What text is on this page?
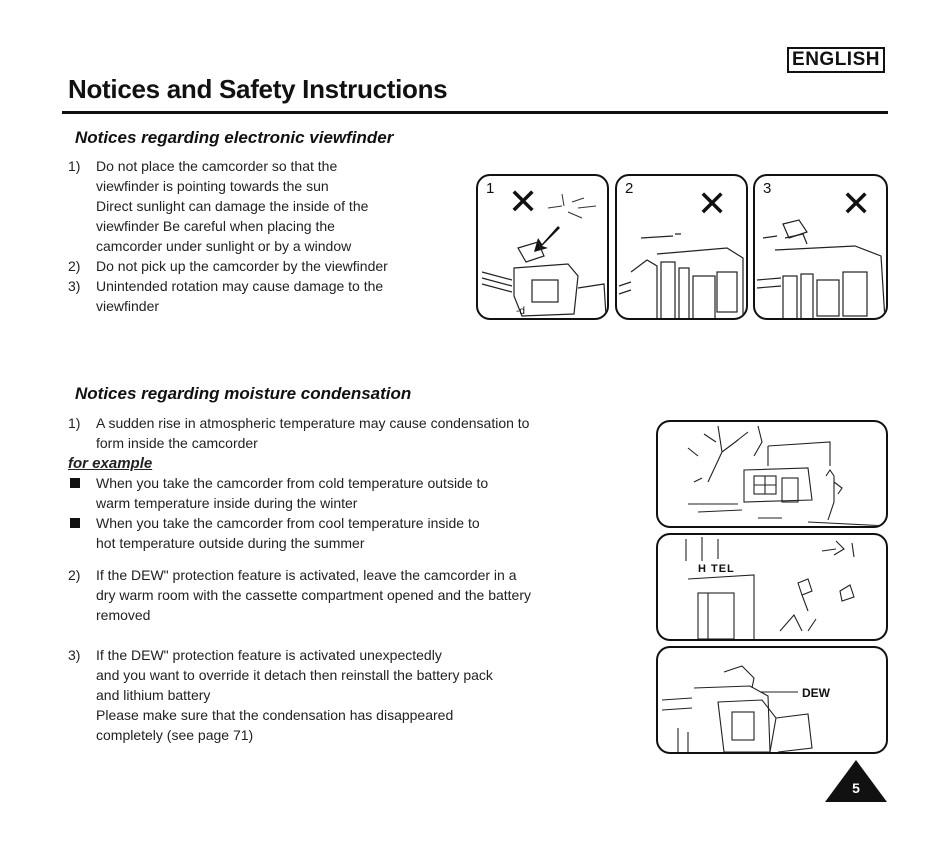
ENGLISH
Notices and Safety Instructions
Notices regarding electronic viewfinder
1)	Do not place the camcorder so that the
viewfinder is pointing towards the sun
Direct sunlight can damage the inside of the
viewfinder Be careful when placing the
camcorder under sunlight or by a window
2)	Do not pick up the camcorder by the viewfinder
3)	Unintended rotation may cause damage to the
viewfinder
1 ✕
-d
2 ✕ 3 ✕
Notices regarding moisture condensation
1)	A sudden rise in atmospheric temperature may cause condensation to
form inside the camcorder
for example
When you take the camcorder from cold temperature outside to
warm temperature inside during the winter
When you take the camcorder from cool temperature inside to
hot temperature outside during the summer
2)	If the DEW" protection feature is activated, leave the camcorder in a
dry warm room with the cassette compartment opened and the battery
removed
3)	If the DEW" protection feature is activated unexpectedly
and you want to override it detach then reinstall the battery pack
and lithium battery
Please make sure that the condensation has disappeared
completely (see page 71)
H TEL
DEW
5
